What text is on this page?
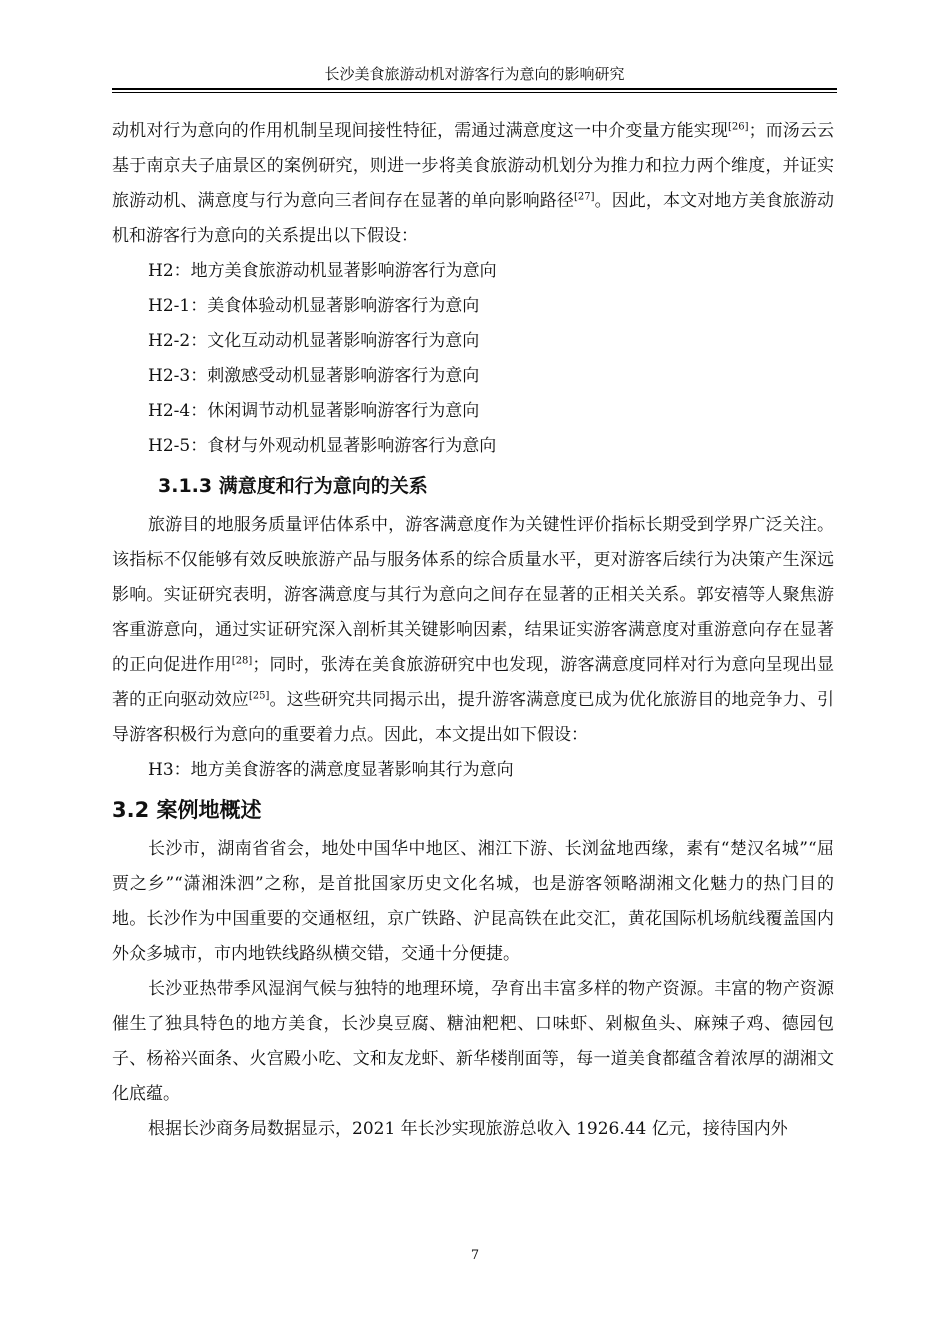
长沙美食旅游动机对游客行为意向的影响研究

动机对行为意向的作用机制呈现间接性特征，需通过满意度这一中介变量方能实现[26]；而汤云云基于南京夫子庙景区的案例研究，则进一步将美食旅游动机划分为推力和拉力两个维度，并证实旅游动机、满意度与行为意向三者间存在显著的单向影响路径[27]。因此，本文对地方美食旅游动机和游客行为意向的关系提出以下假设：

H2：地方美食旅游动机显著影响游客行为意向

H2-1：美食体验动机显著影响游客行为意向

H2-2：文化互动动机显著影响游客行为意向

H2-3：刺激感受动机显著影响游客行为意向

H2-4：休闲调节动机显著影响游客行为意向

H2-5：食材与外观动机显著影响游客行为意向

3.1.3 满意度和行为意向的关系

旅游目的地服务质量评估体系中，游客满意度作为关键性评价指标长期受到学界广泛关注。该指标不仅能够有效反映旅游产品与服务体系的综合质量水平，更对游客后续行为决策产生深远影响。实证研究表明，游客满意度与其行为意向之间存在显著的正相关关系。郭安禧等人聚焦游客重游意向，通过实证研究深入剖析其关键影响因素，结果证实游客满意度对重游意向存在显著的正向促进作用[28]；同时，张涛在美食旅游研究中也发现，游客满意度同样对行为意向呈现出显著的正向驱动效应[25]。这些研究共同揭示出，提升游客满意度已成为优化旅游目的地竞争力、引导游客积极行为意向的重要着力点。因此，本文提出如下假设：

H3：地方美食游客的满意度显著影响其行为意向

3.2 案例地概述

长沙市，湖南省省会，地处中国华中地区、湘江下游、长浏盆地西缘，素有“楚汉名城”“屈贾之乡”“潇湘洙泗”之称，是首批国家历史文化名城，也是游客领略湖湘文化魅力的热门目的地。长沙作为中国重要的交通枢纽，京广铁路、沪昆高铁在此交汇，黄花国际机场航线覆盖国内外众多城市，市内地铁线路纵横交错，交通十分便捷。

长沙亚热带季风湿润气候与独特的地理环境，孕育出丰富多样的物产资源。丰富的物产资源催生了独具特色的地方美食，长沙臭豆腐、糖油粑粑、口味虾、剁椒鱼头、麻辣子鸡、德园包子、杨裕兴面条、火宫殿小吃、文和友龙虾、新华楼削面等，每一道美食都蕴含着浓厚的湖湘文化底蕴。

根据长沙商务局数据显示，2021 年长沙实现旅游总收入 1926.44 亿元，接待国内外

7
